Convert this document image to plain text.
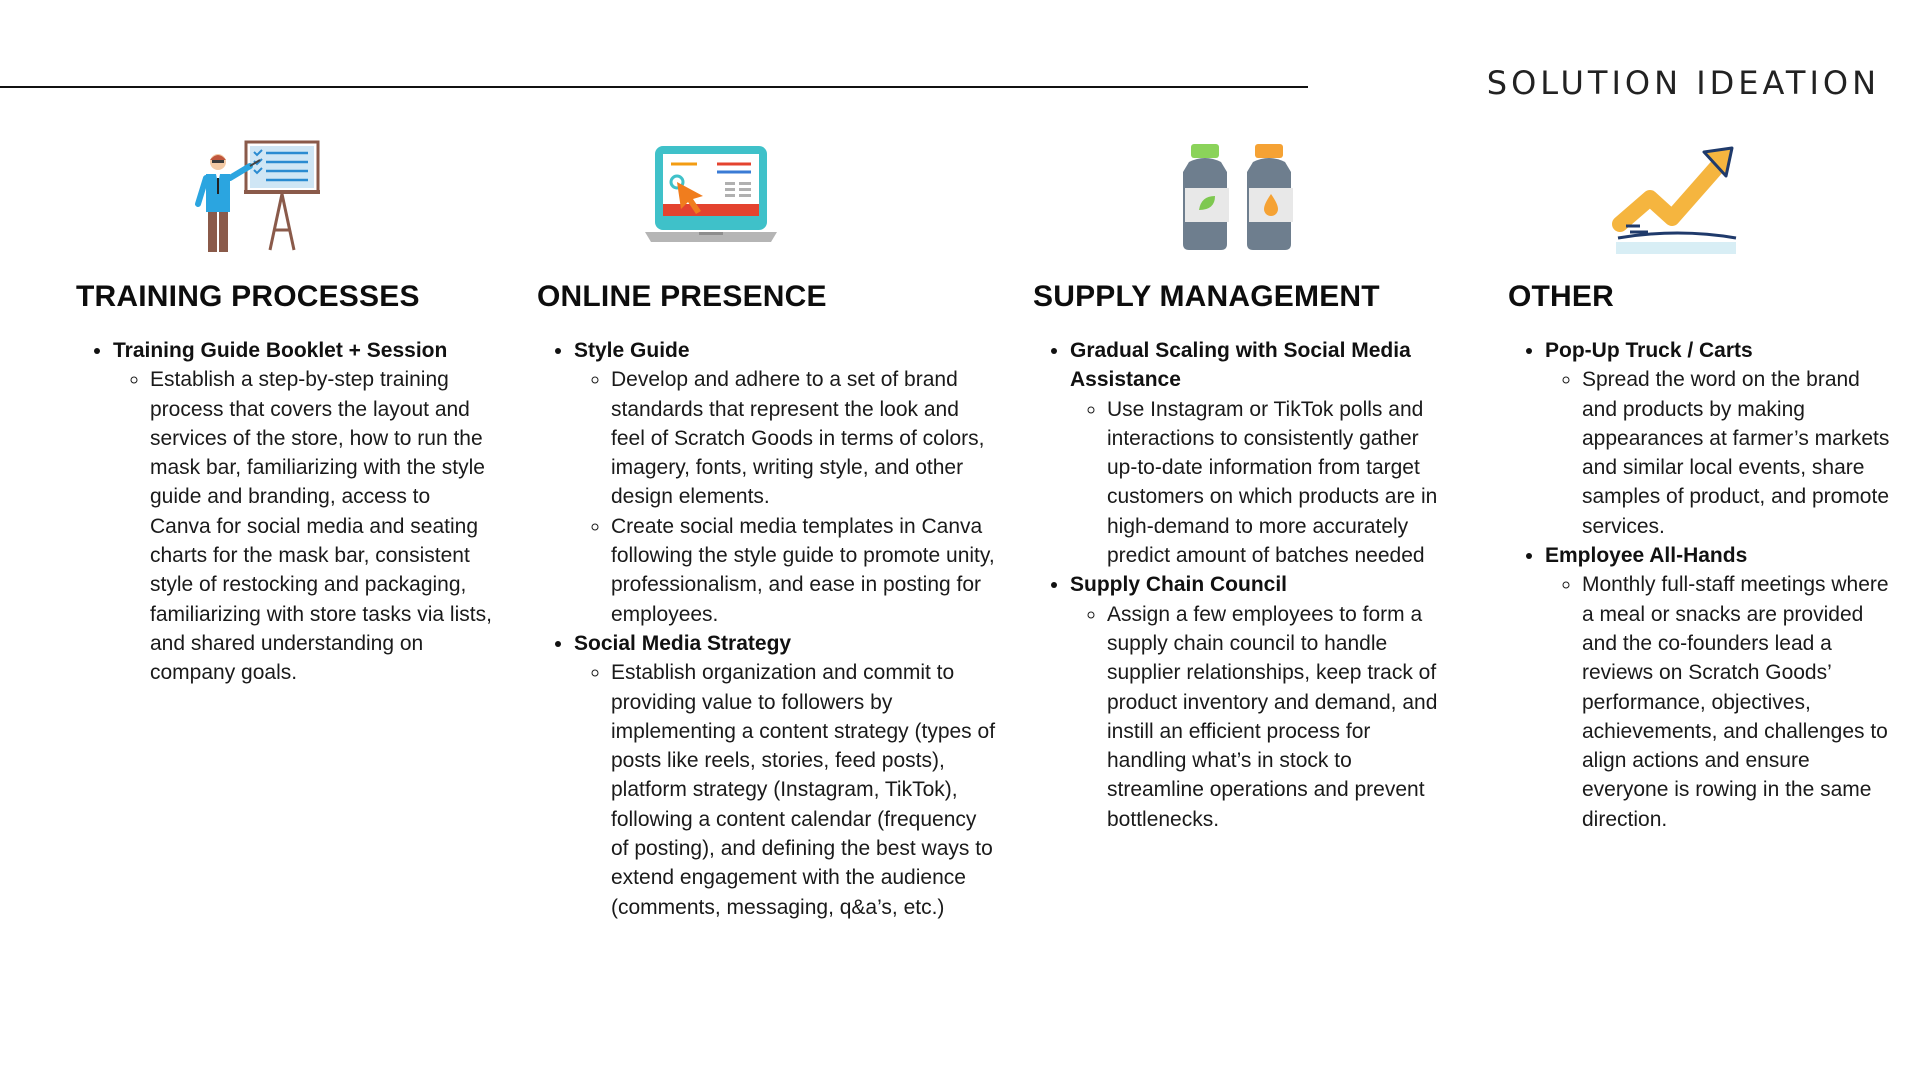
SOLUTION IDEATION
TRAINING PROCESSES
• Training Guide Booklet + Session
◦ Establish a step-by-step training process that covers the layout and services of the store, how to run the mask bar, familiarizing with the style guide and branding, access to Canva for social media and seating charts for the mask bar, consistent style of restocking and packaging, familiarizing with store tasks via lists, and shared understanding on company goals.
ONLINE PRESENCE
• Style Guide
◦ Develop and adhere to a set of brand standards that represent the look and feel of Scratch Goods in terms of colors, imagery, fonts, writing style, and other design elements.
◦ Create social media templates in Canva following the style guide to promote unity, professionalism, and ease in posting for employees.
• Social Media Strategy
◦ Establish organization and commit to providing value to followers by implementing a content strategy (types of posts like reels, stories, feed posts), platform strategy (Instagram, TikTok), following a content calendar (frequency of posting), and defining the best ways to extend engagement with the audience (comments, messaging, q&a’s, etc.)
SUPPLY MANAGEMENT
• Gradual Scaling with Social Media Assistance
◦ Use Instagram or TikTok polls and interactions to consistently gather up-to-date information from target customers on which products are in high-demand to more accurately predict amount of batches needed
• Supply Chain Council
◦ Assign a few employees to form a supply chain council to handle supplier relationships, keep track of product inventory and demand, and instill an efficient process for handling what’s in stock to streamline operations and prevent bottlenecks.
OTHER
• Pop-Up Truck / Carts
◦ Spread the word on the brand and products by making appearances at farmer’s markets and similar local events, share samples of product, and promote services.
• Employee All-Hands
◦ Monthly full-staff meetings where a meal or snacks are provided and the co-founders lead a reviews on Scratch Goods’ performance, objectives, achievements, and challenges to align actions and ensure everyone is rowing in the same direction.
